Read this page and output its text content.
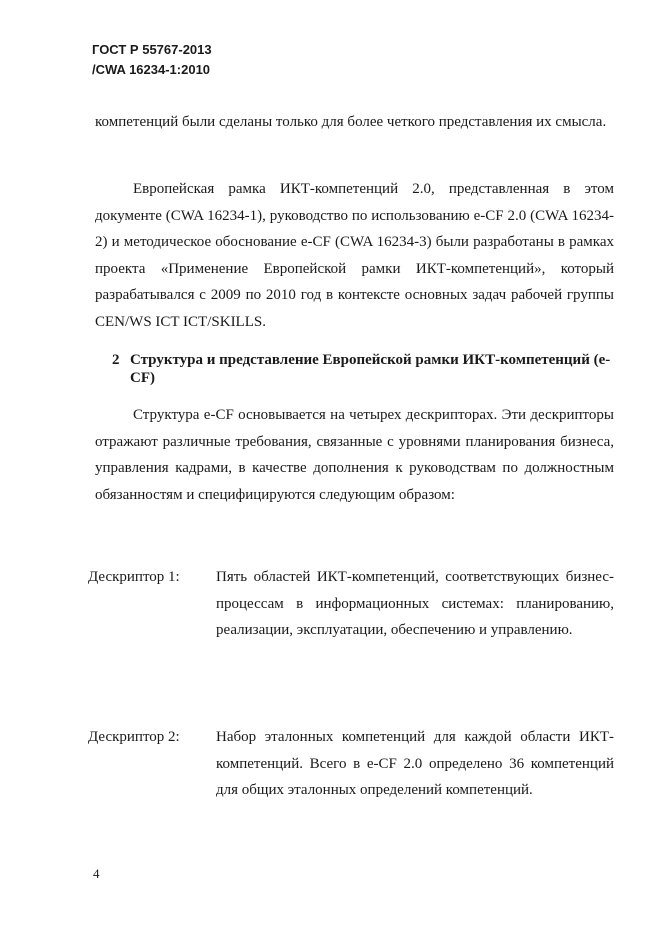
ГОСТ Р 55767-2013
/CWA 16234-1:2010

компетенций были сделаны только для более четкого представления их смысла.

Европейская рамка ИКТ-компетенций 2.0, представленная в этом документе (CWA 16234-1), руководство по использованию e-CF 2.0 (CWA 16234-2) и методическое обоснование e-CF (CWA 16234-3) были разработаны в рамках проекта «Применение Европейской рамки ИКТ-компетенций», который разрабатывался с 2009 по 2010 год в контексте основных задач рабочей группы CEN/WS ICT ICT/SKILLS.

2 Структура и представление Европейской рамки ИКТ-компетенций (e-CF)

Структура e-CF основывается на четырех дескрипторах. Эти дескрипторы отражают различные требования, связанные с уровнями планирования бизнеса, управления кадрами, в качестве дополнения к руководствам по должностным обязанностям и специфицируются следующим образом:

Дескриптор 1: Пять областей ИКТ-компетенций, соответствующих бизнес-процессам в информационных системах: планированию, реализации, эксплуатации, обеспечению и управлению.

Дескриптор 2: Набор эталонных компетенций для каждой области ИКТ-компетенций. Всего в e-CF 2.0 определено 36 компетенций для общих эталонных определений компетенций.

4
